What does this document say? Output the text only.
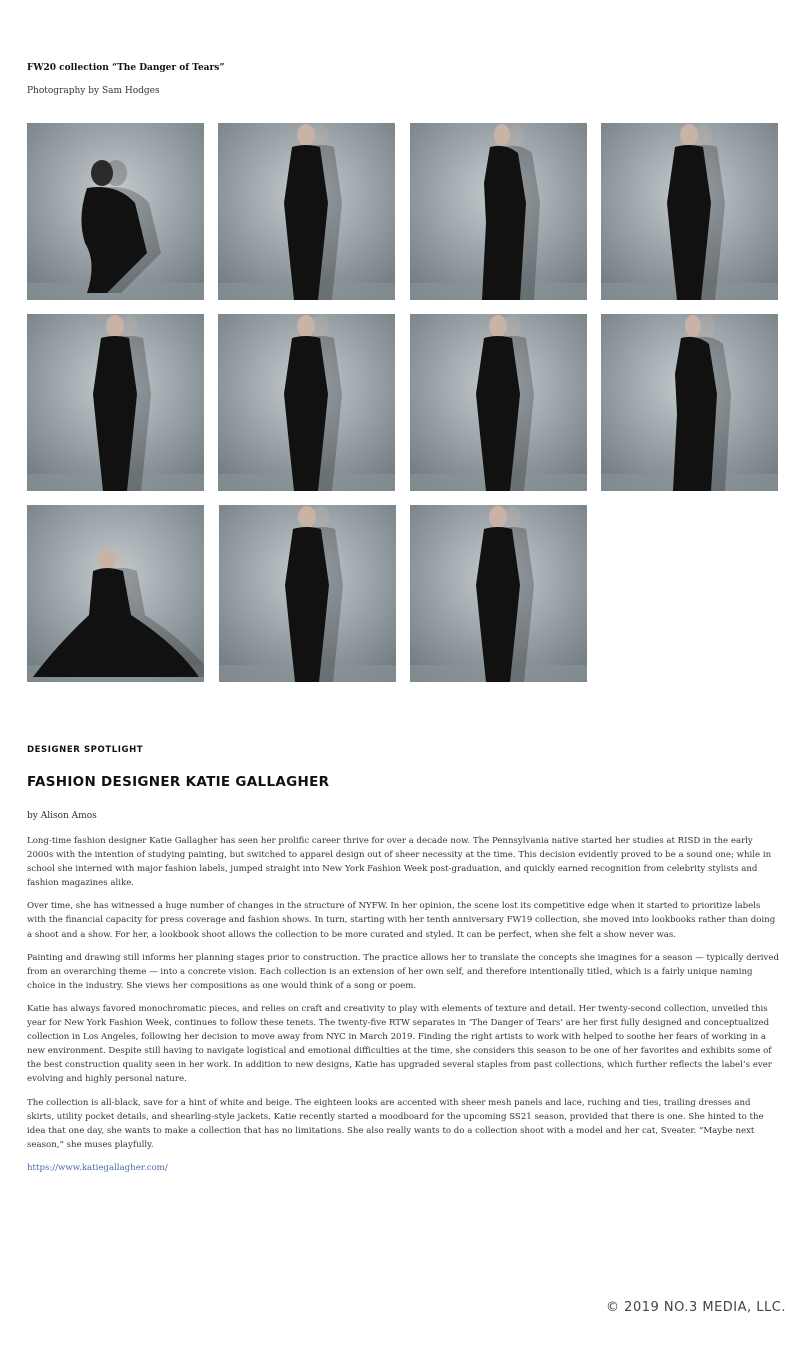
FW20 collection “The Danger of Tears”
Photography by Sam Hodges
DESIGNER SPOTLIGHT
FASHION DESIGNER KATIE GALLAGHER
by Alison Amos

Long-time fashion designer Katie Gallagher has seen her prolific career thrive for over a decade now. The Pennsylvania native started her studies at RISD in the early 2000s with the intention of studying painting, but switched to apparel design out of sheer necessity at the time. This decision evidently proved to be a sound one; while in school she interned with major fashion labels, jumped straight into New York Fashion Week post-graduation, and quickly earned recognition from celebrity stylists and fashion magazines alike.

Over time, she has witnessed a huge number of changes in the structure of NYFW. In her opinion, the scene lost its competitive edge when it started to prioritize labels with the financial capacity for press coverage and fashion shows. In turn, starting with her tenth anniversary FW19 collection, she moved into lookbooks rather than doing a shoot and a show. For her, a lookbook shoot allows the collection to be more curated and styled. It can be perfect, when she felt a show never was.

Painting and drawing still informs her planning stages prior to construction. The practice allows her to translate the concepts she imagines for a season — typically derived from an overarching theme — into a concrete vision. Each collection is an extension of her own self, and therefore intentionally titled, which is a fairly unique naming choice in the industry. She views her compositions as one would think of a song or poem.

Katie has always favored monochromatic pieces, and relies on craft and creativity to play with elements of texture and detail. Her twenty-second collection, unveiled this year for New York Fashion Week, continues to follow these tenets. The twenty-five RTW separates in ‘The Danger of Tears’ are her first fully designed and conceptualized collection in Los Angeles, following her decision to move away from NYC in March 2019. Finding the right artists to work with helped to soothe her fears of working in a new environment. Despite still having to navigate logistical and emotional difficulties at the time, she considers this season to be one of her favorites and exhibits some of the best construction quality seen in her work. In addition to new designs, Katie has upgraded several staples from past collections, which further reflects the label’s ever evolving and highly personal nature.

The collection is all-black, save for a hint of white and beige. The eighteen looks are accented with sheer mesh panels and lace, ruching and ties, trailing dresses and skirts, utility pocket details, and shearling-style jackets. Katie recently started a moodboard for the upcoming SS21 season, provided that there is one. She hinted to the idea that one day, she wants to make a collection that has no limitations. She also really wants to do a collection shoot with a model and her cat, Sveater. “Maybe next season,” she muses playfully.

https://www.katiegallagher.com/
© 2019 NO.3 MEDIA, LLC.
